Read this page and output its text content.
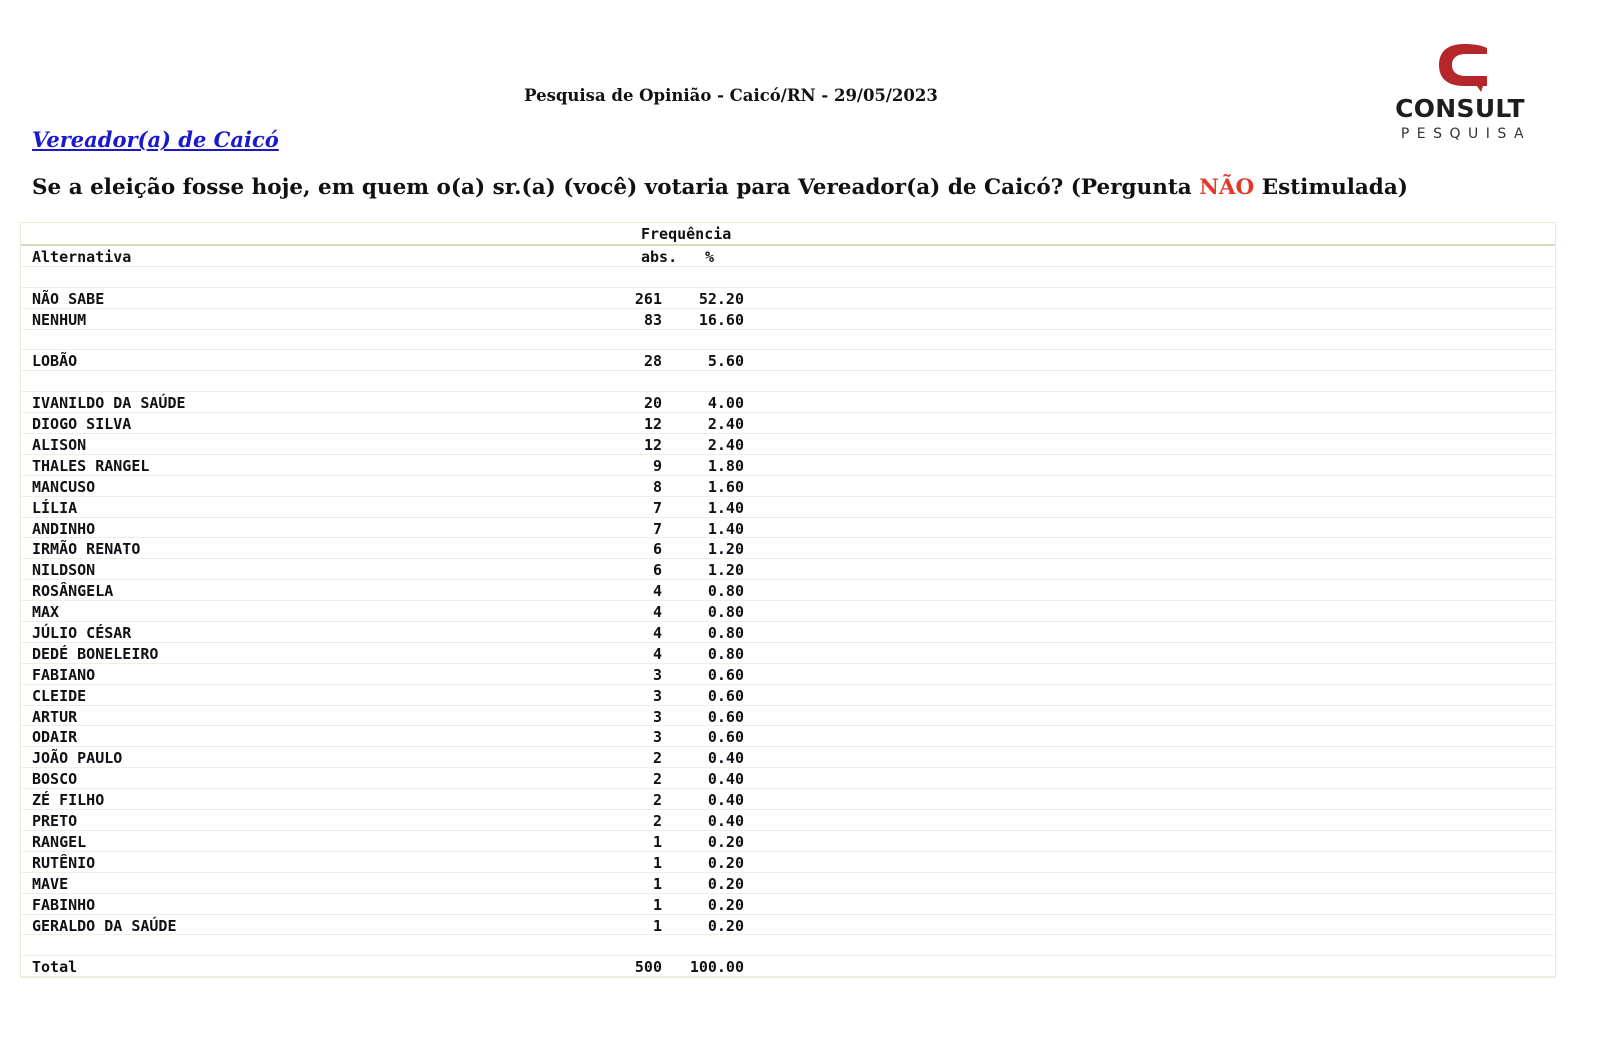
Pesquisa de Opinião - Caicó/RN - 29/05/2023
Vereador(a) de Caicó
Se a eleição fosse hoje, em quem o(a) sr.(a) (você) votaria para Vereador(a) de Caicó? (Pergunta NÃO Estimulada)
CONSULT
PESQUISA
Frequência
Alternativa	abs. %
NÃO SABE	261 52.20
NENHUM	83 16.60
LOBÃO	28	5.60
IVANILDO DA SAÚDE	20	4.00
DIOGO SILVA	12	2.40
ALISON	12	2.40
THALES RANGEL	9	1.80
MANCUSO	8	1.60
LÍLIA	7	1.40
ANDINHO	7	1.40
IRMÃO RENATO	6	1.20
NILDSON	6	1.20
ROSÂNGELA	4	0.80
MAX	4	0.80
JÚLIO CÉSAR	4	0.80
DEDÉ BONELEIRO	4	0.80
FABIANO	3	0.60
CLEIDE	3	0.60
ARTUR	3	0.60
ODAIR	3	0.60
JOÃO PAULO	2	0.40
BOSCO	2	0.40
ZÉ FILHO	2	0.40
PRETO	2	0.40
RANGEL	1	0.20
RUTÊNIO	1	0.20
MAVE	1	0.20
FABINHO	1	0.20
GERALDO DA SAÚDE	1	0.20
Total	500 100.00
